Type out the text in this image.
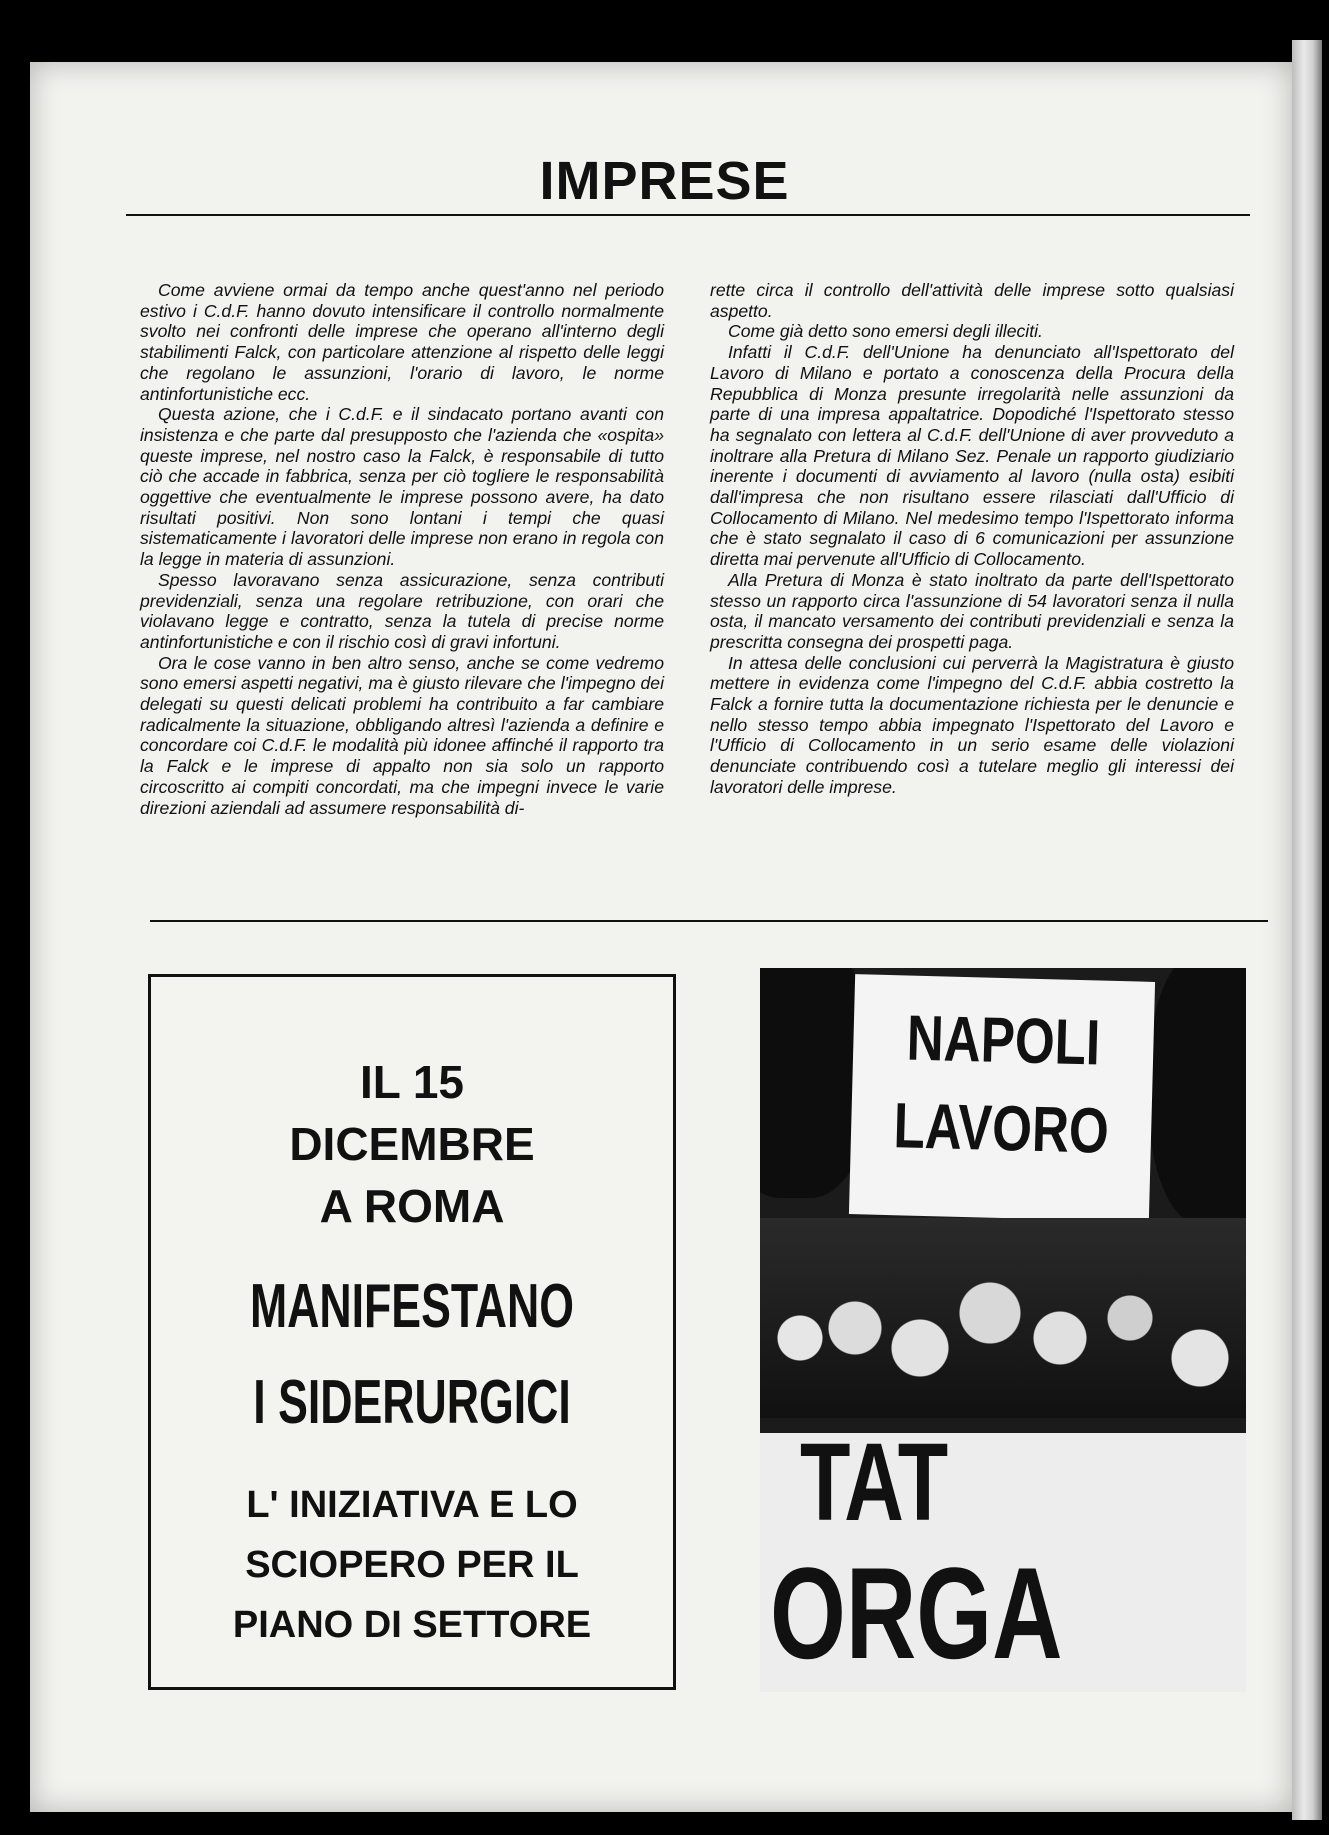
IMPRESE

Come avviene ormai da tempo anche quest'anno nel periodo estivo i C.d.F. hanno dovuto intensificare il controllo normalmente svolto nei confronti delle imprese che operano all'interno degli stabilimenti Falck, con particolare attenzione al rispetto delle leggi che regolano le assunzioni, l'orario di lavoro, le norme antinfortunistiche ecc.

Questa azione, che i C.d.F. e il sindacato portano avanti con insistenza e che parte dal presupposto che l'azienda che «ospita» queste imprese, nel nostro caso la Falck, è responsabile di tutto ciò che accade in fabbrica, senza per ciò togliere le responsabilità oggettive che eventualmente le imprese possono avere, ha dato risultati positivi. Non sono lontani i tempi che quasi sistematicamente i lavoratori delle imprese non erano in regola con la legge in materia di assunzioni.

Spesso lavoravano senza assicurazione, senza contributi previdenziali, senza una regolare retribuzione, con orari che violavano legge e contratto, senza la tutela di precise norme antinfortunistiche e con il rischio così di gravi infortuni.

Ora le cose vanno in ben altro senso, anche se come vedremo sono emersi aspetti negativi, ma è giusto rilevare che l'impegno dei delegati su questi delicati problemi ha contribuito a far cambiare radicalmente la situazione, obbligando altresì l'azienda a definire e concordare coi C.d.F. le modalità più idonee affinché il rapporto tra la Falck e le imprese di appalto non sia solo un rapporto circoscritto ai compiti concordati, ma che impegni invece le varie direzioni aziendali ad assumere responsabilità di-

rette circa il controllo dell'attività delle imprese sotto qualsiasi aspetto.

Come già detto sono emersi degli illeciti.

Infatti il C.d.F. dell'Unione ha denunciato all'Ispettorato del Lavoro di Milano e portato a conoscenza della Procura della Repubblica di Monza presunte irregolarità nelle assunzioni da parte di una impresa appaltatrice. Dopodiché l'Ispettorato stesso ha segnalato con lettera al C.d.F. dell'Unione di aver provveduto a inoltrare alla Pretura di Milano Sez. Penale un rapporto giudiziario inerente i documenti di avviamento al lavoro (nulla osta) esibiti dall'impresa che non risultano essere rilasciati dall'Ufficio di Collocamento di Milano. Nel medesimo tempo l'Ispettorato informa che è stato segnalato il caso di 6 comunicazioni per assunzione diretta mai pervenute all'Ufficio di Collocamento.

Alla Pretura di Monza è stato inoltrato da parte dell'Ispettorato stesso un rapporto circa l'assunzione di 54 lavoratori senza il nulla osta, il mancato versamento dei contributi previdenziali e senza la prescritta consegna dei prospetti paga.

In attesa delle conclusioni cui perverrà la Magistratura è giusto mettere in evidenza come l'impegno del C.d.F. abbia costretto la Falck a fornire tutta la documentazione richiesta per le denuncie e nello stesso tempo abbia impegnato l'Ispettorato del Lavoro e l'Ufficio di Collocamento in un serio esame delle violazioni denunciate contribuendo così a tutelare meglio gli interessi dei lavoratori delle imprese.

IL 15
DICEMBRE
A ROMA
MANIFESTANO
I SIDERURGICI
L' INIZIATIVA E LO
SCIOPERO PER IL
PIANO DI SETTORE
NAPOLI
LAVORO
TAT
ORGA
